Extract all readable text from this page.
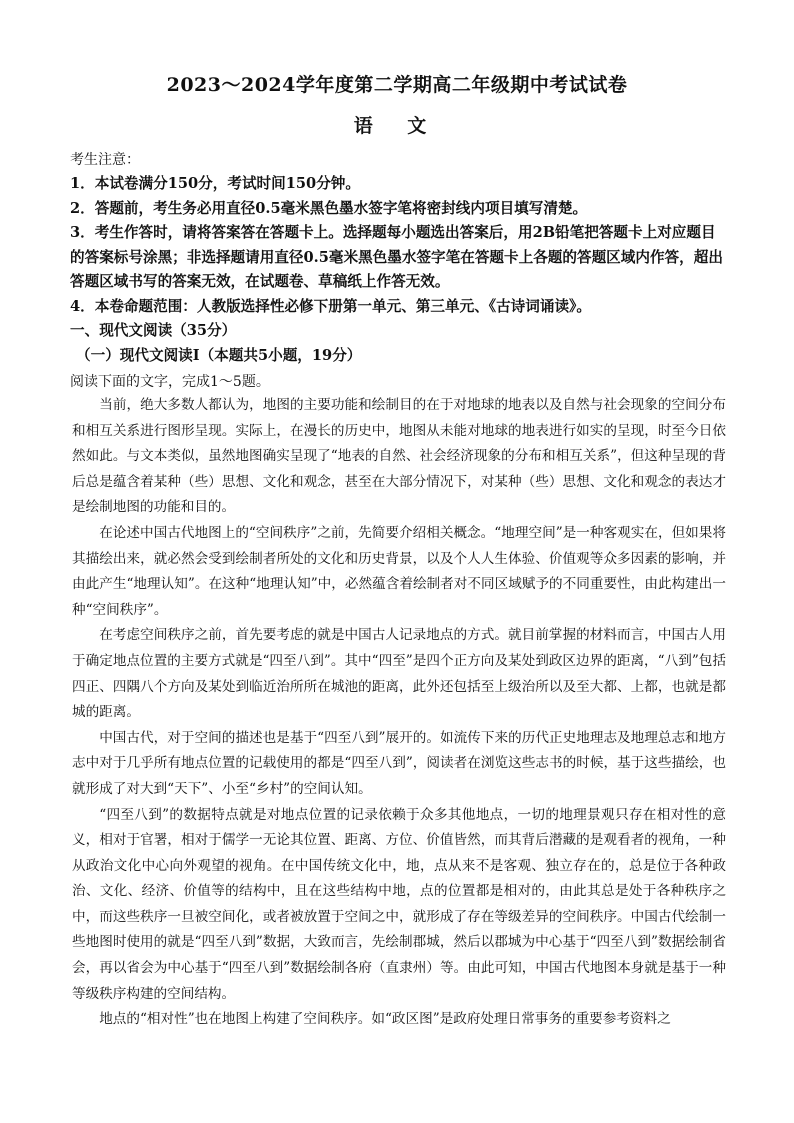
2023～2024学年度第二学期高二年级期中考试试卷
语 文
考生注意：
1．本试卷满分150分，考试时间150分钟。
2．答题前，考生务必用直径0.5毫米黑色墨水签字笔将密封线内项目填写清楚。
3．考生作答时，请将答案答在答题卡上。选择题每小题选出答案后，用2B铅笔把答题卡上对应题目的答案标号涂黑；非选择题请用直径0.5毫米黑色墨水签字笔在答题卡上各题的答题区域内作答，超出答题区域书写的答案无效，在试题卷、草稿纸上作答无效。
4．本卷命题范围：人教版选择性必修下册第一单元、第三单元、《古诗词诵读》。
一、现代文阅读（35分）
（一）现代文阅读Ⅰ（本题共5小题，19分）
阅读下面的文字，完成1～5题。

当前，绝大多数人都认为，地图的主要功能和绘制目的在于对地球的地表以及自然与社会现象的空间分布和相互关系进行图形呈现。实际上，在漫长的历史中，地图从未能对地球的地表进行如实的呈现，时至今日依然如此。与文本类似，虽然地图确实呈现了“地表的自然、社会经济现象的分布和相互关系”，但这种呈现的背后总是蕴含着某种（些）思想、文化和观念，甚至在大部分情况下，对某种（些）思想、文化和观念的表达才是绘制地图的功能和目的。

在论述中国古代地图上的“空间秩序”之前，先简要介绍相关概念。“地理空间”是一种客观实在，但如果将其描绘出来，就必然会受到绘制者所处的文化和历史背景，以及个人人生体验、价值观等众多因素的影响，并由此产生“地理认知”。在这种“地理认知”中，必然蕴含着绘制者对不同区域赋予的不同重要性，由此构建出一种“空间秩序”。

在考虑空间秩序之前，首先要考虑的就是中国古人记录地点的方式。就目前掌握的材料而言，中国古人用于确定地点位置的主要方式就是“四至八到”。其中“四至”是四个正方向及某处到政区边界的距离，“八到”包括四正、四隅八个方向及某处到临近治所所在城池的距离，此外还包括至上级治所以及至大都、上都，也就是都城的距离。

中国古代，对于空间的描述也是基于“四至八到”展开的。如流传下来的历代正史地理志及地理总志和地方志中对于几乎所有地点位置的记载使用的都是“四至八到”，阅读者在浏览这些志书的时候，基于这些描绘，也就形成了对大到“天下”、小至“乡村”的空间认知。

“四至八到”的数据特点就是对地点位置的记录依赖于众多其他地点，一切的地理景观只存在相对性的意义，相对于官署，相对于儒学一无论其位置、距离、方位、价值皆然，而其背后潜藏的是观看者的视角，一种从政治文化中心向外观望的视角。在中国传统文化中，地，点从来不是客观、独立存在的，总是位于各种政治、文化、经济、价值等的结构中，且在这些结构中地，点的位置都是相对的，由此其总是处于各种秩序之中，而这些秩序一旦被空间化，或者被放置于空间之中，就形成了存在等级差异的空间秩序。中国古代绘制一些地图时使用的就是“四至八到”数据，大致而言，先绘制郡城，然后以郡城为中心基于“四至八到”数据绘制省会，再以省会为中心基于“四至八到”数据绘制各府（直隶州）等。由此可知，中国古代地图本身就是基于一种等级秩序构建的空间结构。

地点的“相对性”也在地图上构建了空间秩序。如“政区图”是政府处理日常事务的重要参考资料之
